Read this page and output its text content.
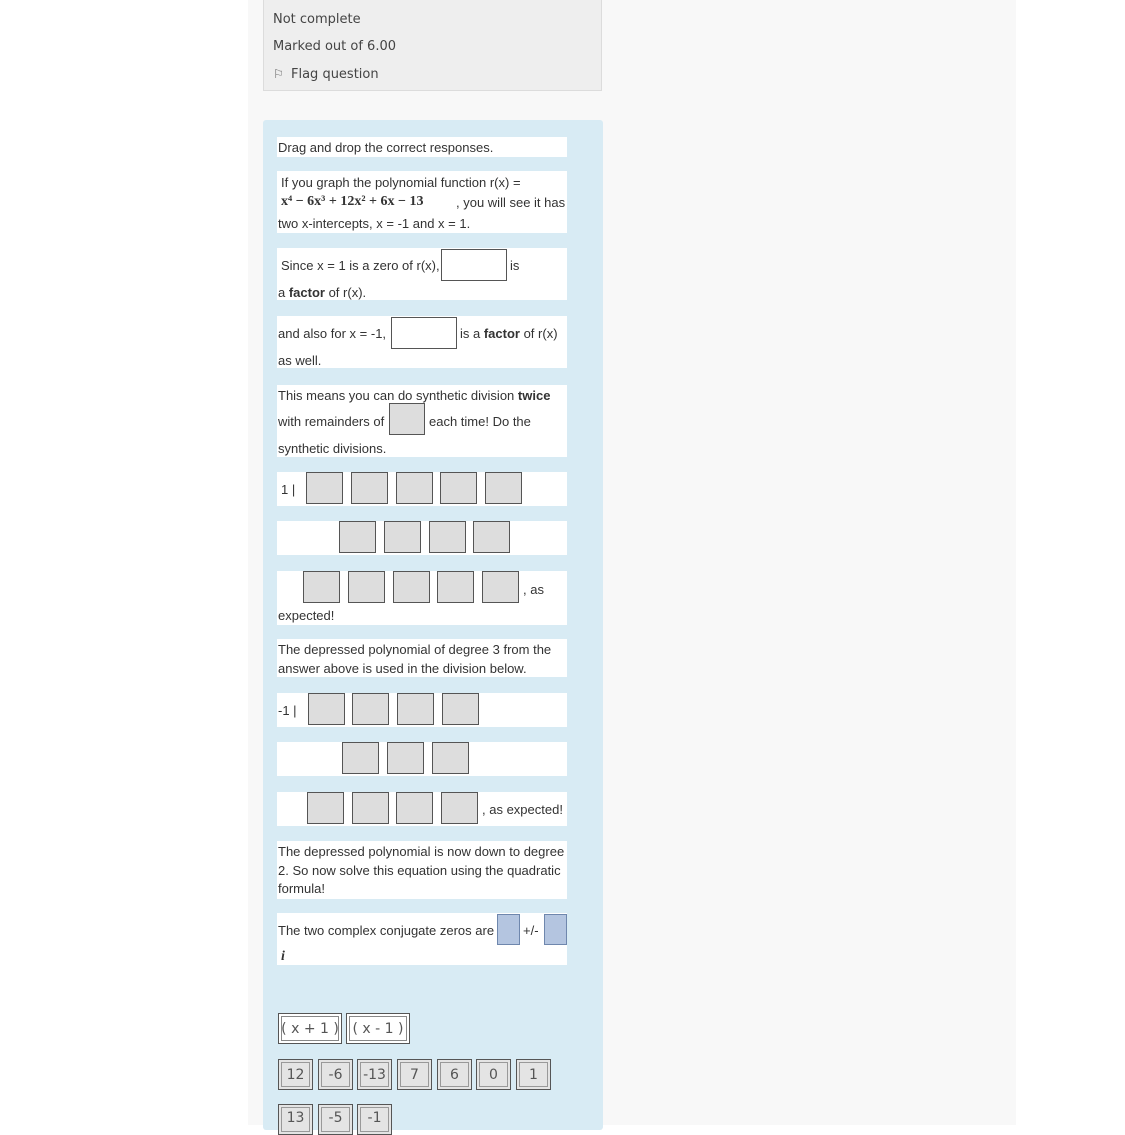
Not complete
Marked out of 6.00
⚐ Flag question
Drag and drop the correct responses.
If you graph the polynomial function r(x) =
x⁴ − 6x³ + 12x² + 6x − 13 , you will see it has
two x-intercepts, x = -1 and x = 1.
Since x = 1 is a zero of r(x),	is
a factor of r(x).
and also for x = -1,	is a factor of r(x)
as well.
This means you can do synthetic division twice
with remainders of	each time! Do the
synthetic divisions.
1 |
, as
expected!
The depressed polynomial of degree 3 from the
answer above is used in the division below.
-1 |
, as expected!
The depressed polynomial is now down to degree
2. So now solve this equation using the quadratic
formula!
The two complex conjugate zeros are +/-
i
( x + 1 ) ( x - 1 )
12 -6 -13 7 6 0 1
13 -5 -1
